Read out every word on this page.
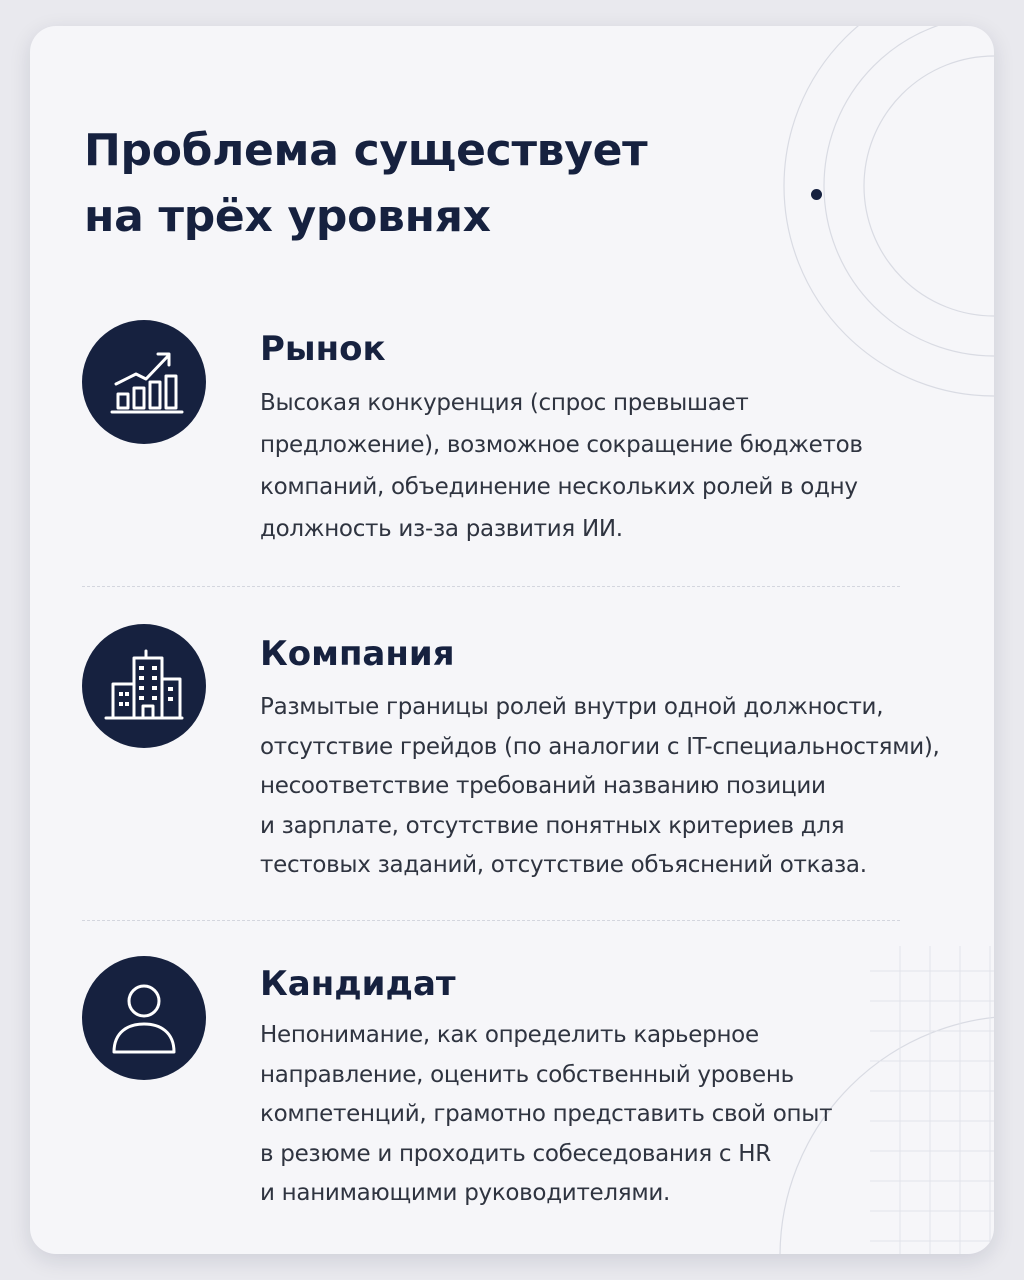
Проблема существует
на трёх уровнях
Рынок

Высокая конкуренция (спрос превышает
предложение), возможное сокращение бюджетов
компаний, объединение нескольких ролей в одну
должность из-за развития ИИ.

Компания

Размытые границы ролей внутри одной должности,
отсутствие грейдов (по аналогии с IT-специальностями),
несоответствие требований названию позиции
и зарплате, отсутствие понятных критериев для
тестовых заданий, отсутствие объяснений отказа.

Кандидат

Непонимание, как определить карьерное
направление, оценить собственный уровень
компетенций, грамотно представить свой опыт
в резюме и проходить собеседования с HR
и нанимающими руководителями.
